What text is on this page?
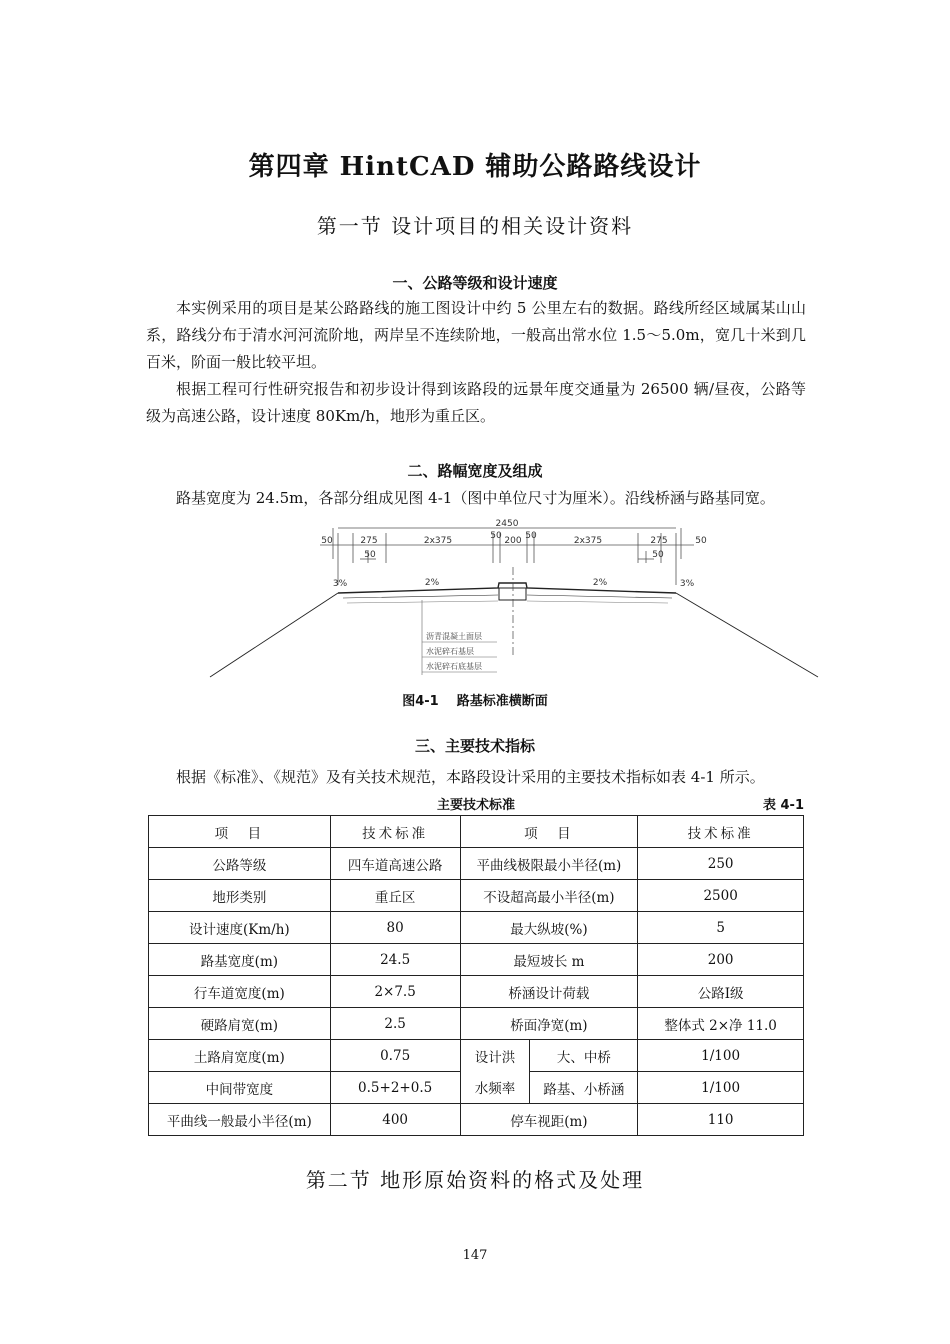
第四章 HintCAD 辅助公路路线设计
第一节 设计项目的相关设计资料
一、公路等级和设计速度

本实例采用的项目是某公路路线的施工图设计中约 5 公里左右的数据。路线所经区域属某山山系，路线分布于清水河河流阶地，两岸呈不连续阶地，一般高出常水位 1.5～5.0m，宽几十米到几百米，阶面一般比较平坦。

根据工程可行性研究报告和初步设计得到该路段的远景年度交通量为 26500 辆/昼夜，公路等级为高速公路，设计速度 80Km/h，地形为重丘区。

二、路幅宽度及组成

路基宽度为 24.5m，各部分组成见图 4-1（图中单位尺寸为厘米）。沿线桥涵与路基同宽。

2450
50	275	2x375	50 200 50	2x375	275	50
50	50
3%	2%	2%	3%
沥青混凝土面层
水泥碎石基层
水泥碎石底基层
图4-1 路基标准横断面
三、主要技术指标

根据《标准》、《规范》及有关技术规范，本路段设计采用的主要技术指标如表 4-1 所示。

主要技术标准	表 4-1
项　目	技术标准	项　目		技术标准
公路等级	四车道高速公路	平曲线极限最小半径(m)		250
地形类别	重丘区	不设超高最小半径(m)		2500
设计速度(Km/h)	80	最大纵坡(%)		5
路基宽度(m)	24.5	最短坡长 m		200
行车道宽度(m)	2×7.5	桥涵设计荷载		公路Ⅰ级
硬路肩宽(m)	2.5	桥面净宽(m)		整体式 2×净 11.0
土路肩宽度(m)	0.75	设计洪	大、中桥	1/100
中间带宽度	0.5+2+0.5	水频率	路基、小桥涵	1/100
平曲线一般最小半径(m)	400	停车视距(m)		110
第二节 地形原始资料的格式及处理
147
